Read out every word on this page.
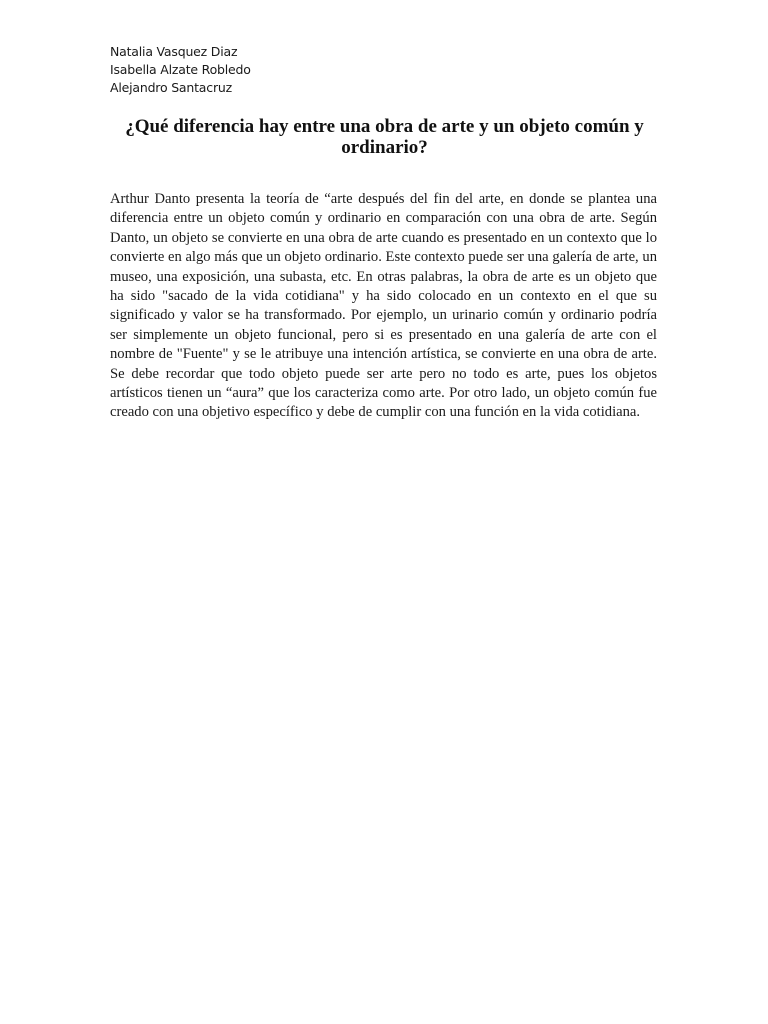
Natalia Vasquez Diaz
Isabella Alzate Robledo
Alejandro Santacruz
¿Qué diferencia hay entre una obra de arte y un objeto común y ordinario?

Arthur Danto presenta la teoría de “arte después del fin del arte, en donde se plantea una diferencia entre un objeto común y ordinario en comparación con una obra de arte. Según Danto, un objeto se convierte en una obra de arte cuando es presentado en un contexto que lo convierte en algo más que un objeto ordinario. Este contexto puede ser una galería de arte, un museo, una exposición, una subasta, etc. En otras palabras, la obra de arte es un objeto que ha sido "sacado de la vida cotidiana" y ha sido colocado en un contexto en el que su significado y valor se ha transformado. Por ejemplo, un urinario común y ordinario podría ser simplemente un objeto funcional, pero si es presentado en una galería de arte con el nombre de "Fuente" y se le atribuye una intención artística, se convierte en una obra de arte. Se debe recordar que todo objeto puede ser arte pero no todo es arte, pues los objetos artísticos tienen un “aura” que los caracteriza como arte. Por otro lado, un objeto común fue creado con una objetivo específico y debe de cumplir con una función en la vida cotidiana.
